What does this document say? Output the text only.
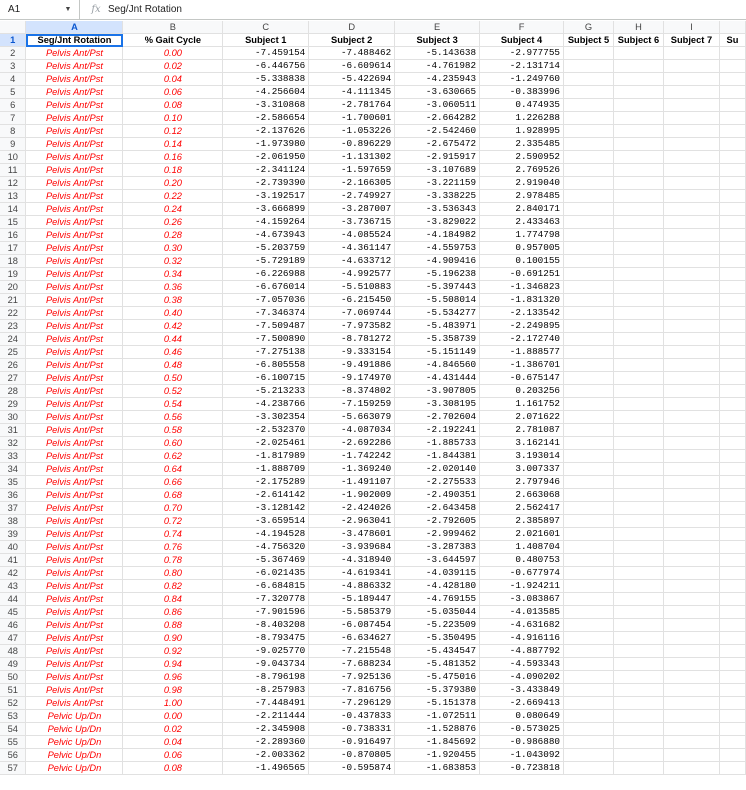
A1	▼	fx Seg/Jnt Rotation
	A	B	C	D	E	F	G	H	I	
1	Seg/Jnt Rotation	% Gait Cycle	Subject 1	Subject 2	Subject 3	Subject 4	Subject 5	Subject 6	Subject 7	Su
2	Pelvis Ant/Pst	0.00	-7.459154	-7.488462	-5.143638	-2.977755				
3	Pelvis Ant/Pst	0.02	-6.446756	-6.609614	-4.761982	-2.131714				
4	Pelvis Ant/Pst	0.04	-5.338838	-5.422694	-4.235943	-1.249760				
5	Pelvis Ant/Pst	0.06	-4.256604	-4.111345	-3.630665	-0.383996				
6	Pelvis Ant/Pst	0.08	-3.310868	-2.781764	-3.060511	0.474935				
7	Pelvis Ant/Pst	0.10	-2.586654	-1.700601	-2.664282	1.226288				
8	Pelvis Ant/Pst	0.12	-2.137626	-1.053226	-2.542460	1.928995				
9	Pelvis Ant/Pst	0.14	-1.973980	-0.896229	-2.675472	2.335485				
10	Pelvis Ant/Pst	0.16	-2.061950	-1.131302	-2.915917	2.590952				
11	Pelvis Ant/Pst	0.18	-2.341124	-1.597659	-3.107689	2.769526				
12	Pelvis Ant/Pst	0.20	-2.739390	-2.166305	-3.221159	2.919040				
13	Pelvis Ant/Pst	0.22	-3.192517	-2.749927	-3.338225	2.978485				
14	Pelvis Ant/Pst	0.24	-3.666899	-3.287007	-3.536343	2.840171				
15	Pelvis Ant/Pst	0.26	-4.159264	-3.736715	-3.829022	2.433463				
16	Pelvis Ant/Pst	0.28	-4.673943	-4.085524	-4.184982	1.774798				
17	Pelvis Ant/Pst	0.30	-5.203759	-4.361147	-4.559753	0.957005				
18	Pelvis Ant/Pst	0.32	-5.729189	-4.633712	-4.909416	0.100155				
19	Pelvis Ant/Pst	0.34	-6.226988	-4.992577	-5.196238	-0.691251				
20	Pelvis Ant/Pst	0.36	-6.676014	-5.510883	-5.397443	-1.346823				
21	Pelvis Ant/Pst	0.38	-7.057036	-6.215450	-5.508014	-1.831320				
22	Pelvis Ant/Pst	0.40	-7.346374	-7.069744	-5.534277	-2.133542				
23	Pelvis Ant/Pst	0.42	-7.509487	-7.973582	-5.483971	-2.249895				
24	Pelvis Ant/Pst	0.44	-7.500890	-8.781272	-5.358739	-2.172740				
25	Pelvis Ant/Pst	0.46	-7.275138	-9.333154	-5.151149	-1.888577				
26	Pelvis Ant/Pst	0.48	-6.805558	-9.491886	-4.846560	-1.386701				
27	Pelvis Ant/Pst	0.50	-6.100715	-9.174970	-4.431444	-0.675147				
28	Pelvis Ant/Pst	0.52	-5.213233	-8.374802	-3.907805	0.203256				
29	Pelvis Ant/Pst	0.54	-4.238766	-7.159259	-3.308195	1.161752				
30	Pelvis Ant/Pst	0.56	-3.302354	-5.663079	-2.702604	2.071622				
31	Pelvis Ant/Pst	0.58	-2.532370	-4.087034	-2.192241	2.781087				
32	Pelvis Ant/Pst	0.60	-2.025461	-2.692286	-1.885733	3.162141				
33	Pelvis Ant/Pst	0.62	-1.817989	-1.742242	-1.844381	3.193014				
34	Pelvis Ant/Pst	0.64	-1.888709	-1.369240	-2.020140	3.007337				
35	Pelvis Ant/Pst	0.66	-2.175289	-1.491107	-2.275533	2.797946				
36	Pelvis Ant/Pst	0.68	-2.614142	-1.902009	-2.490351	2.663068				
37	Pelvis Ant/Pst	0.70	-3.128142	-2.424026	-2.643458	2.562417				
38	Pelvis Ant/Pst	0.72	-3.659514	-2.963041	-2.792605	2.385897				
39	Pelvis Ant/Pst	0.74	-4.194528	-3.478601	-2.999462	2.021601				
40	Pelvis Ant/Pst	0.76	-4.756320	-3.939684	-3.287383	1.408704				
41	Pelvis Ant/Pst	0.78	-5.367469	-4.318940	-3.644597	0.480753				
42	Pelvis Ant/Pst	0.80	-6.021435	-4.619341	-4.039115	-0.677974				
43	Pelvis Ant/Pst	0.82	-6.684815	-4.886332	-4.428180	-1.924211				
44	Pelvis Ant/Pst	0.84	-7.320778	-5.189447	-4.769155	-3.083867				
45	Pelvis Ant/Pst	0.86	-7.901596	-5.585379	-5.035044	-4.013585				
46	Pelvis Ant/Pst	0.88	-8.403208	-6.087454	-5.223509	-4.631682				
47	Pelvis Ant/Pst	0.90	-8.793475	-6.634627	-5.350495	-4.916116				
48	Pelvis Ant/Pst	0.92	-9.025770	-7.215548	-5.434547	-4.887792				
49	Pelvis Ant/Pst	0.94	-9.043734	-7.688234	-5.481352	-4.593343				
50	Pelvis Ant/Pst	0.96	-8.796198	-7.925136	-5.475016	-4.090202				
51	Pelvis Ant/Pst	0.98	-8.257983	-7.816756	-5.379380	-3.433849				
52	Pelvis Ant/Pst	1.00	-7.448491	-7.296129	-5.151378	-2.669413				
53	Pelvic Up/Dn	0.00	-2.211444	-0.437833	-1.072511	0.080649				
54	Pelvic Up/Dn	0.02	-2.345908	-0.738331	-1.528876	-0.573025				
55	Pelvic Up/Dn	0.04	-2.289360	-0.916497	-1.845692	-0.986880				
56	Pelvic Up/Dn	0.06	-2.003362	-0.870805	-1.920455	-1.043092				
57	Pelvic Up/Dn	0.08	-1.496565	-0.595874	-1.683853	-0.723818				
